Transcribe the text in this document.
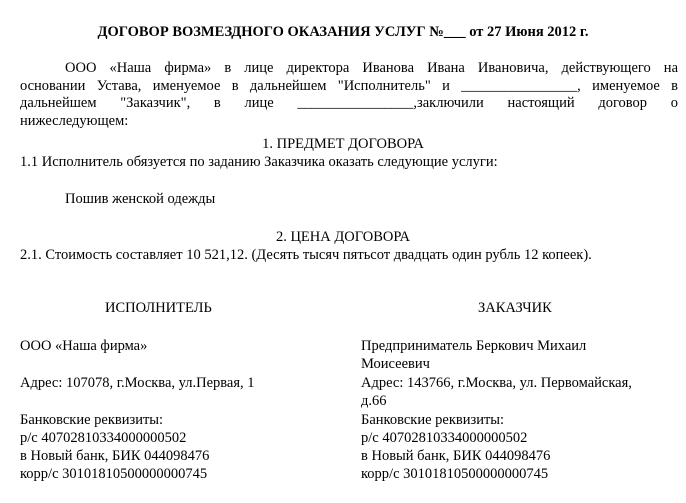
ДОГОВОР ВОЗМЕЗДНОГО ОКАЗАНИЯ УСЛУГ №___ от 27 Июня 2012 г.
ООО «Наша фирма» в лице директора Иванова Ивана Ивановича, действующего на
основании Устава, именуемое в дальнейшем "Исполнитель" и ________________, именуемое в
дальнейшем "Заказчик", в лице ________________,заключили настоящий договор о
нижеследующем:
1. ПРЕДМЕТ ДОГОВОРА
1.1 Исполнитель обязуется по заданию Заказчика оказать следующие услуги:
Пошив женской одежды
2. ЦЕНА ДОГОВОРА
2.1. Стоимость составляет 10 521,12. (Десять тысяч пятьсот двадцать один рубль 12 копеек).
ИСПОЛНИТЕЛЬ
ООО «Наша фирма»
Адрес: 107078, г.Москва, ул.Первая, 1
Банковские реквизиты:
р/с 40702810334000000502
в Новый банк, БИК 044098476
корр/с 30101810500000000745
ЗАКАЗЧИК
Предприниматель Беркович Михаил
Моисеевич
Адрес: 143766, г.Москва, ул. Первомайская,
д.66
Банковские реквизиты:
р/с 40702810334000000502
в Новый банк, БИК 044098476
корр/с 30101810500000000745
